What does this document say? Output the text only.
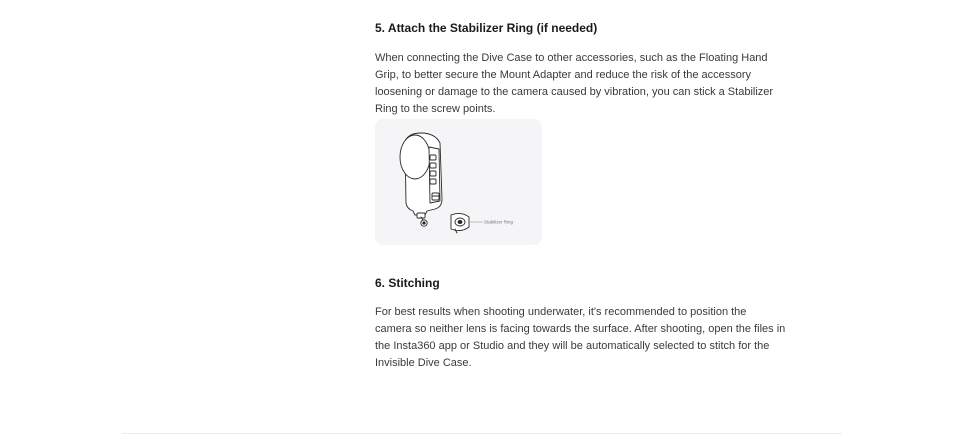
5. Attach the Stabilizer Ring (if needed)

When connecting the Dive Case to other accessories, such as the Floating Hand
Grip, to better secure the Mount Adapter and reduce the risk of the accessory
loosening or damage to the camera caused by vibration, you can stick a Stabilizer
Ring to the screw points.

Stabilizer Ring
6. Stitching

For best results when shooting underwater, it's recommended to position the
camera so neither lens is facing towards the surface. After shooting, open the files in
the Insta360 app or Studio and they will be automatically selected to stitch for the
Invisible Dive Case.
